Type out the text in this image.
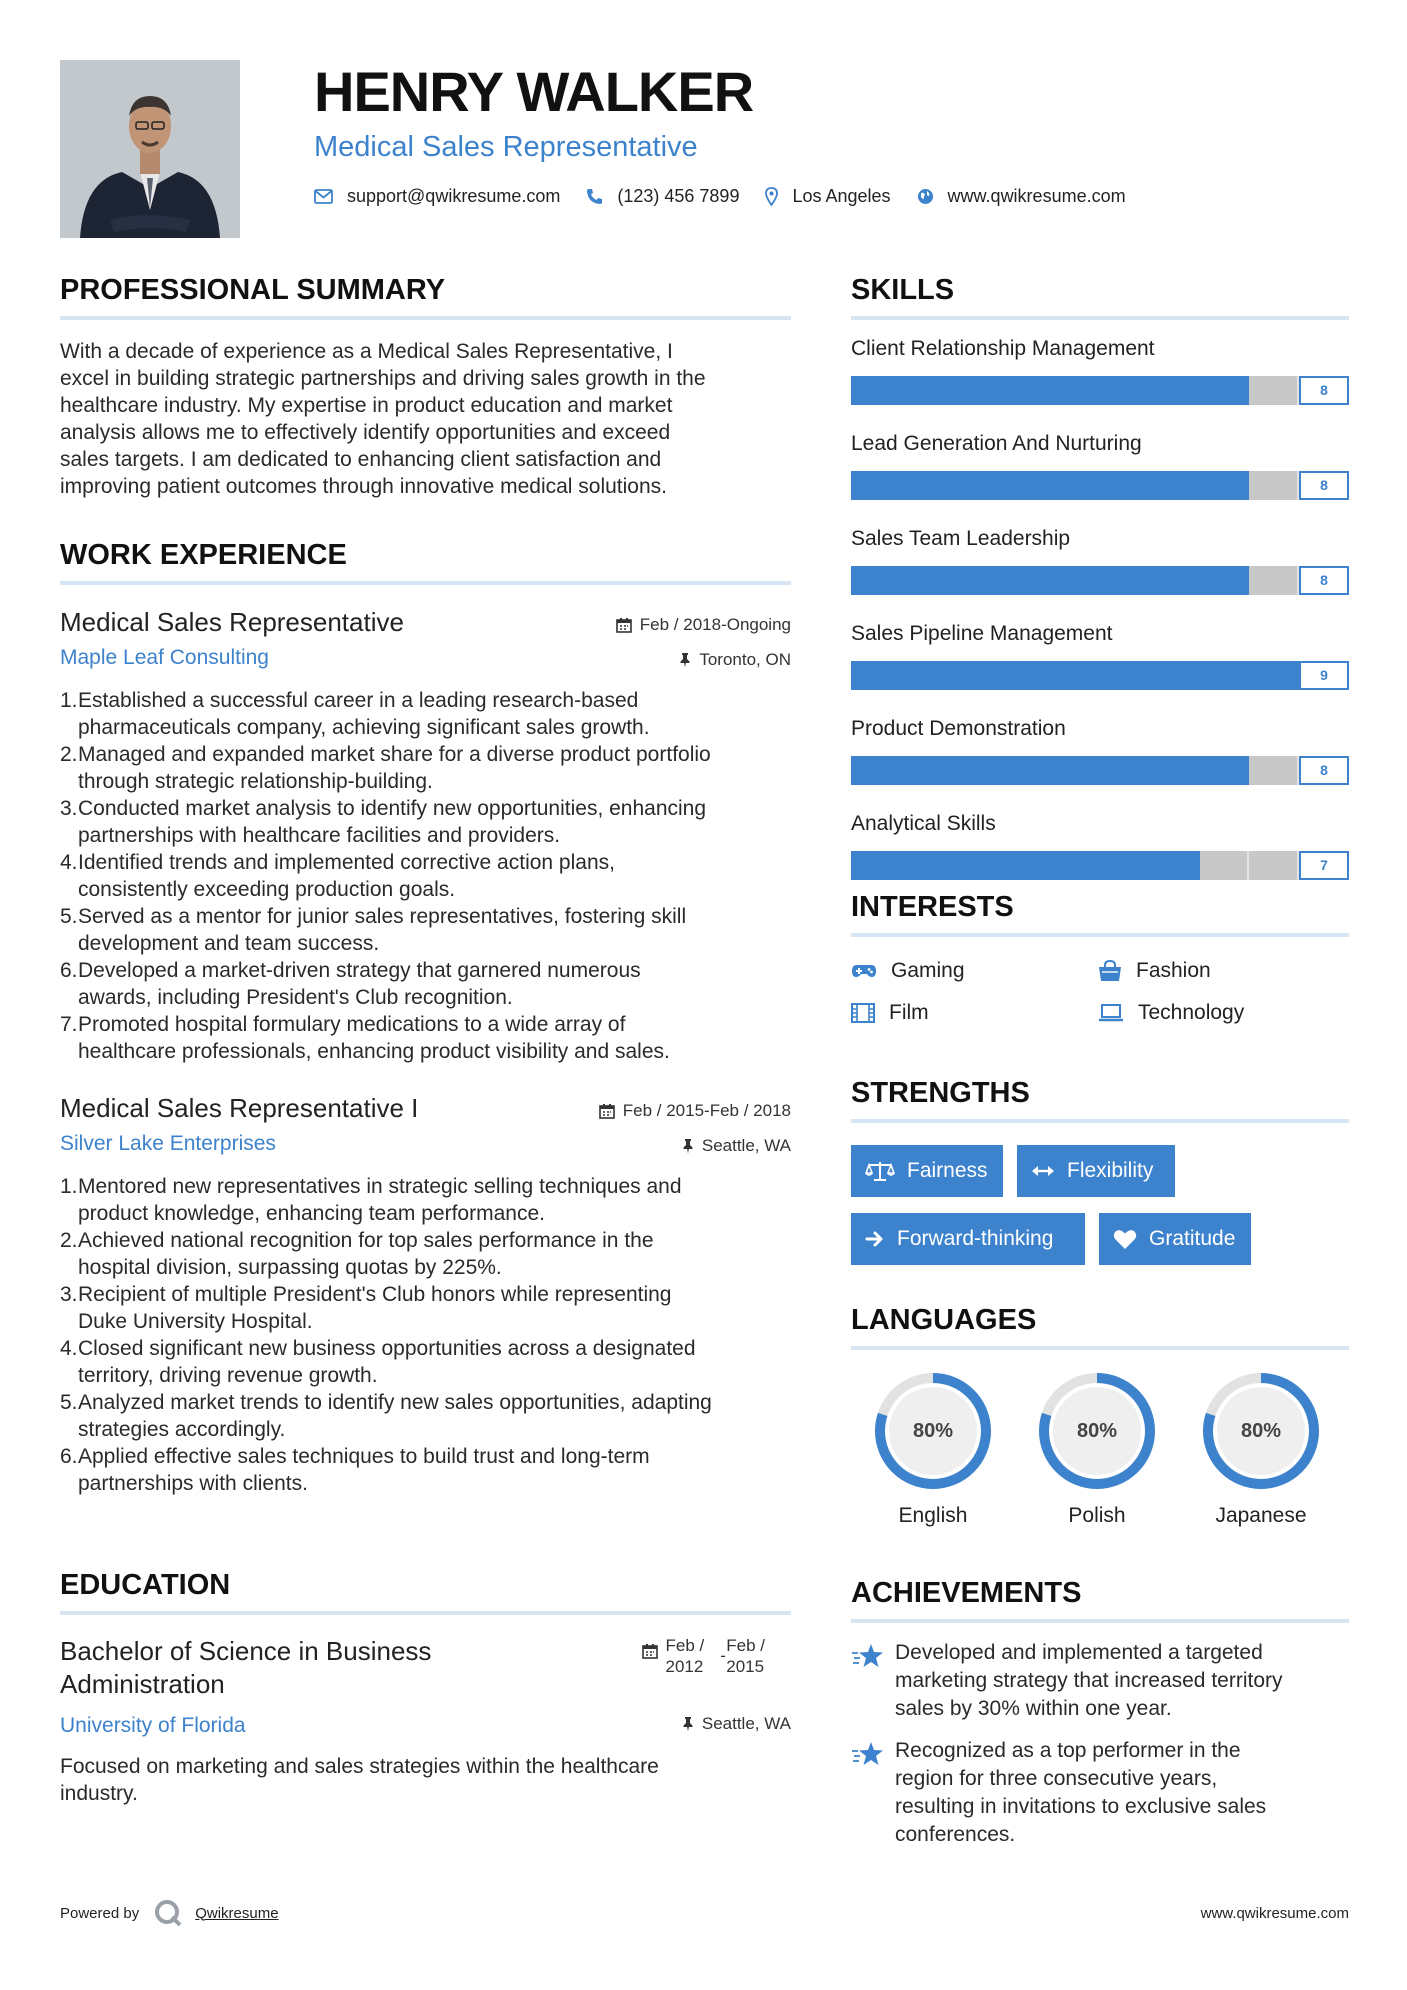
HENRY WALKER
Medical Sales Representative
support@qwikresume.com	(123) 456 7899	Los Angeles	www.qwikresume.com
PROFESSIONAL SUMMARY
With a decade of experience as a Medical Sales Representative, I
excel in building strategic partnerships and driving sales growth in the
healthcare industry. My expertise in product education and market
analysis allows me to effectively identify opportunities and exceed
sales targets. I am dedicated to enhancing client satisfaction and
improving patient outcomes through innovative medical solutions.
WORK EXPERIENCE
Medical Sales Representative
Maple Leaf Consulting
Feb / 2018-Ongoing
Toronto, ON
1. Established a successful career in a leading research-based
pharmaceuticals company, achieving significant sales growth.
2. Managed and expanded market share for a diverse product portfolio
through strategic relationship-building.
3. Conducted market analysis to identify new opportunities, enhancing
partnerships with healthcare facilities and providers.
4. Identified trends and implemented corrective action plans,
consistently exceeding production goals.
5. Served as a mentor for junior sales representatives, fostering skill
development and team success.
6. Developed a market-driven strategy that garnered numerous
awards, including President's Club recognition.
7. Promoted hospital formulary medications to a wide array of
healthcare professionals, enhancing product visibility and sales.
Medical Sales Representative I
Silver Lake Enterprises
Feb / 2015-Feb / 2018
Seattle, WA
1. Mentored new representatives in strategic selling techniques and
product knowledge, enhancing team performance.
2. Achieved national recognition for top sales performance in the
hospital division, surpassing quotas by 225%.
3. Recipient of multiple President's Club honors while representing
Duke University Hospital.
4. Closed significant new business opportunities across a designated
territory, driving revenue growth.
5. Analyzed market trends to identify new sales opportunities, adapting
strategies accordingly.
6. Applied effective sales techniques to build trust and long-term
partnerships with clients.
EDUCATION
Bachelor of Science in Business
Administration
Feb /
2012
-
Feb /
2015
University of Florida	Seattle, WA
Focused on marketing and sales strategies within the healthcare
industry.
SKILLS
Client Relationship Management
8
Lead Generation And Nurturing
8
Sales Team Leadership
8
Sales Pipeline Management
9
Product Demonstration
8
Analytical Skills
7
INTERESTS
Gaming	Fashion
Film	Technology
STRENGTHS
Fairness	Flexibility
Forward-thinking	Gratitude
LANGUAGES
80%
English
80%
Polish
80%
Japanese
ACHIEVEMENTS
Developed and implemented a targeted
marketing strategy that increased territory
sales by 30% within one year.
Recognized as a top performer in the
region for three consecutive years,
resulting in invitations to exclusive sales
conferences.
Powered by	Qwikresume	www.qwikresume.com
